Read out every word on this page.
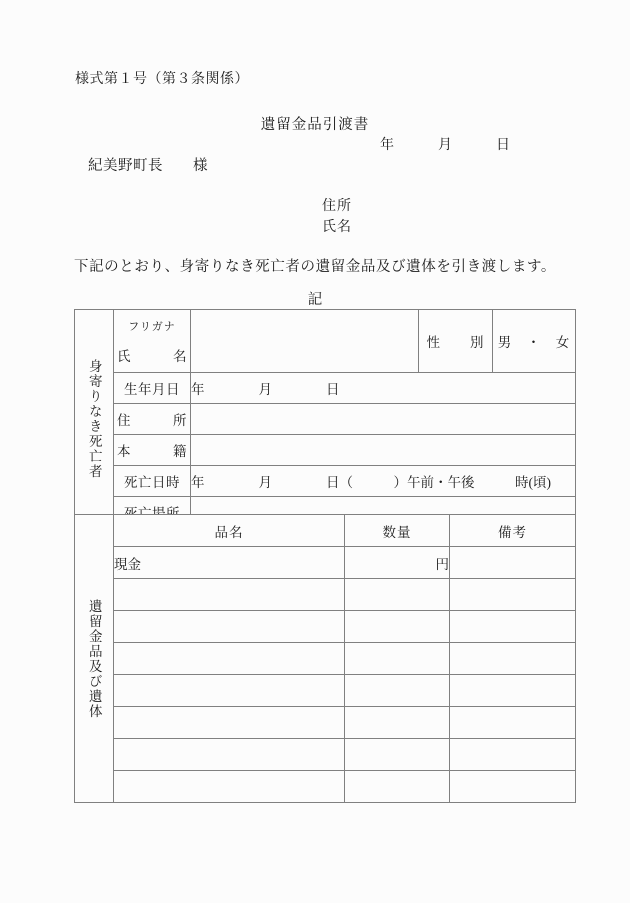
様式第１号（第３条関係）
遺留金品引渡書
年　　　月　　　日
紀美野町長　　様
住所
氏名
下記のとおり、身寄りなき死亡者の遺留金品及び遺体を引き渡します。
記
身寄りなき死亡者	フリガナ
氏　　　名		性　　別	男　・　女

	生年月日	年　　　　月　　　　日		

	住　　　所			

	本　　　籍			

	死亡日時	年　　　　月　　　　日（　　　）午前・午後　　　時(頃)		

遺留金品及び遺体	品名	数量	備考
	現金	円	
